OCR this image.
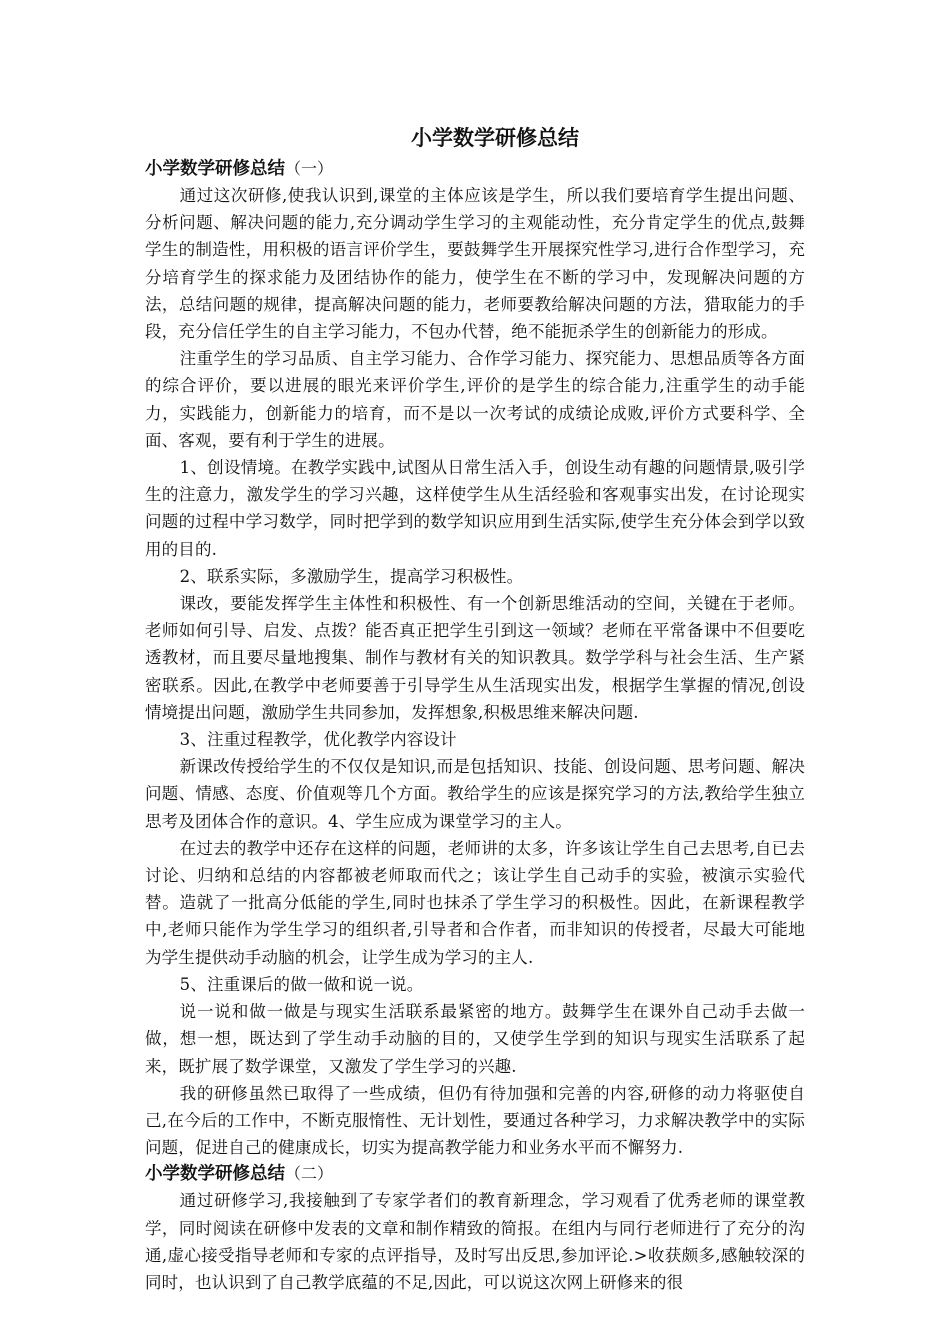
小学数学研修总结

小学数学研修总结（一）

通过这次研修,使我认识到,课堂的主体应该是学生，所以我们要培育学生提出问题、分析问题、解决问题的能力,充分调动学生学习的主观能动性，充分肯定学生的优点,鼓舞学生的制造性，用积极的语言评价学生，要鼓舞学生开展探究性学习,进行合作型学习，充分培育学生的探求能力及团结协作的能力，使学生在不断的学习中，发现解决问题的方法，总结问题的规律，提高解决问题的能力，老师要教给解决问题的方法，猎取能力的手段，充分信任学生的自主学习能力，不包办代替，绝不能扼杀学生的创新能力的形成。

注重学生的学习品质、自主学习能力、合作学习能力、探究能力、思想品质等各方面的综合评价，要以进展的眼光来评价学生,评价的是学生的综合能力,注重学生的动手能力，实践能力，创新能力的培育，而不是以一次考试的成绩论成败,评价方式要科学、全面、客观，要有利于学生的进展。

1、创设情境。在教学实践中,试图从日常生活入手，创设生动有趣的问题情景,吸引学生的注意力，激发学生的学习兴趣，这样使学生从生活经验和客观事实出发，在讨论现实问题的过程中学习数学，同时把学到的数学知识应用到生活实际,使学生充分体会到学以致用的目的.

2、联系实际，多激励学生，提高学习积极性。

课改，要能发挥学生主体性和积极性、有一个创新思维活动的空间，关键在于老师。老师如何引导、启发、点拨？能否真正把学生引到这一领域？老师在平常备课中不但要吃透教材，而且要尽量地搜集、制作与教材有关的知识教具。数学学科与社会生活、生产紧密联系。因此,在教学中老师要善于引导学生从生活现实出发，根据学生掌握的情况,创设情境提出问题，激励学生共同参加，发挥想象,积极思维来解决问题.

3、注重过程教学，优化教学内容设计

新课改传授给学生的不仅仅是知识,而是包括知识、技能、创设问题、思考问题、解决问题、情感、态度、价值观等几个方面。教给学生的应该是探究学习的方法,教给学生独立思考及团体合作的意识。4、学生应成为课堂学习的主人。

在过去的教学中还存在这样的问题，老师讲的太多，许多该让学生自己去思考,自已去讨论、归纳和总结的内容都被老师取而代之；该让学生自己动手的实验，被演示实验代替。造就了一批高分低能的学生,同时也抹杀了学生学习的积极性。因此，在新课程教学中,老师只能作为学生学习的组织者,引导者和合作者，而非知识的传授者，尽最大可能地为学生提供动手动脑的机会，让学生成为学习的主人.

5、注重课后的做一做和说一说。

说一说和做一做是与现实生活联系最紧密的地方。鼓舞学生在课外自己动手去做一做，想一想，既达到了学生动手动脑的目的，又使学生学到的知识与现实生活联系了起来，既扩展了数学课堂，又激发了学生学习的兴趣.

我的研修虽然已取得了一些成绩，但仍有待加强和完善的内容,研修的动力将驱使自己,在今后的工作中，不断克服惰性、无计划性，要通过各种学习，力求解决教学中的实际问题，促进自己的健康成长，切实为提高教学能力和业务水平而不懈努力.

小学数学研修总结（二）

通过研修学习,我接触到了专家学者们的教育新理念，学习观看了优秀老师的课堂教学，同时阅读在研修中发表的文章和制作精致的简报。在组内与同行老师进行了充分的沟通,虚心接受指导老师和专家的点评指导，及时写出反思,参加评论.>收获颇多,感触较深的同时，也认识到了自己教学底蕴的不足,因此，可以说这次网上研修来的很
